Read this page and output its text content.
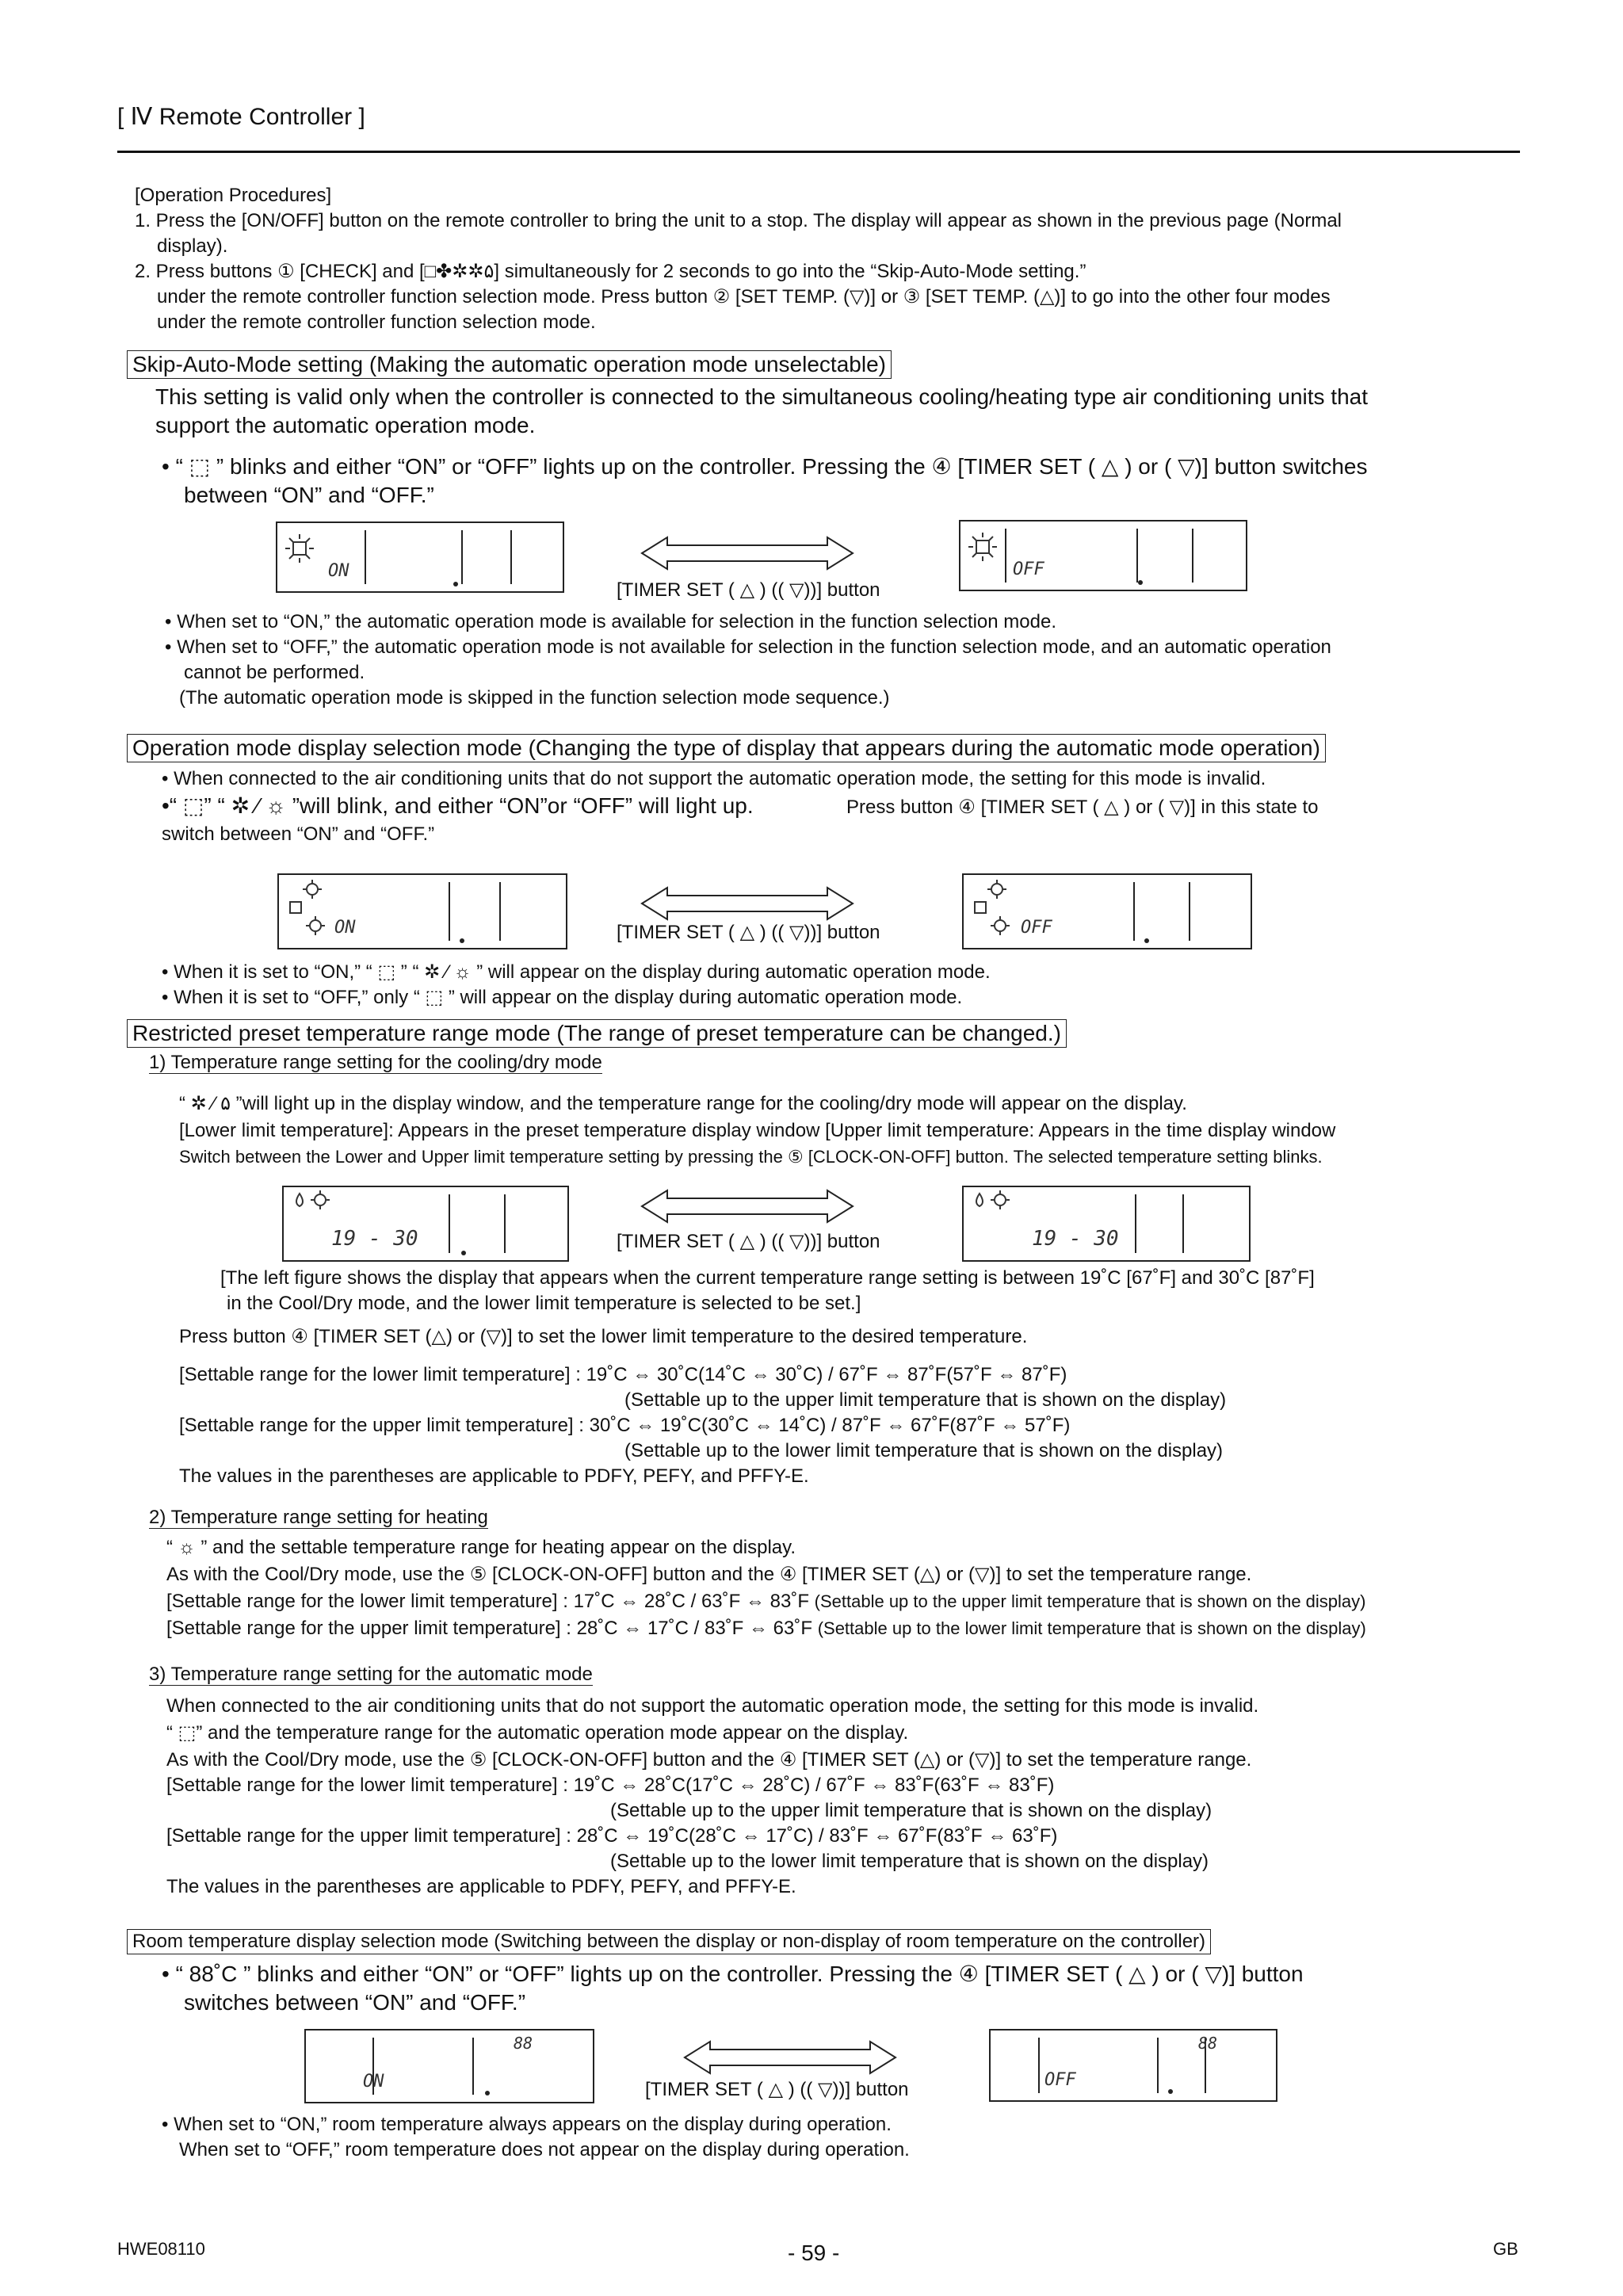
[ Ⅳ Remote Controller ]
[Operation Procedures]
1. Press the [ON/OFF] button on the remote controller to bring the unit to a stop. The display will appear as shown in the previous page (Normal
display).
2. Press buttons ① [CHECK] and [□✤✲✲۵] simultaneously for 2 seconds to go into the “Skip-Auto-Mode setting.”
under the remote controller function selection mode. Press button ② [SET TEMP. (▽)] or ③ [SET TEMP. (△)] to go into the other four modes
under the remote controller function selection mode.
Skip-Auto-Mode setting (Making the automatic operation mode unselectable)
This setting is valid only when the controller is connected to the simultaneous cooling/heating type air conditioning units that
support the automatic operation mode.
• “ ⬚ ” blinks and either “ON” or “OFF” lights up on the controller. Pressing the ④ [TIMER SET ( △ ) or ( ▽)] button switches
between “ON” and “OFF.”
ON
[TIMER SET ( △ ) (( ▽))] button
OFF
• When set to “ON,” the automatic operation mode is available for selection in the function selection mode.
• When set to “OFF,” the automatic operation mode is not available for selection in the function selection mode, and an automatic operation
cannot be performed.
(The automatic operation mode is skipped in the function selection mode sequence.)
Operation mode display selection mode (Changing the type of display that appears during the automatic mode operation)
• When connected to the air conditioning units that do not support the automatic operation mode, the setting for this mode is invalid.
•“ ⬚” “ ✲ ⁄ ☼ ”will blink, and either “ON”or “OFF” will light up.	Press button ④ [TIMER SET ( △ ) or ( ▽)] in this state to
switch between “ON” and “OFF.”
ON	[TIMER SET ( △ ) (( ▽))] button	OFF
• When it is set to “ON,” “ ⬚ ” “ ✲ ⁄ ☼ ” will appear on the display during automatic operation mode.
• When it is set to “OFF,” only “ ⬚ ” will appear on the display during automatic operation mode.
Restricted preset temperature range mode (The range of preset temperature can be changed.)
1) Temperature range setting for the cooling/dry mode
“ ✲ ⁄ ۵ ”will light up in the display window, and the temperature range for the cooling/dry mode will appear on the display.
[Lower limit temperature]: Appears in the preset temperature display window [Upper limit temperature: Appears in the time display window
Switch between the Lower and Upper limit temperature setting by pressing the ⑤ [CLOCK-ON-OFF] button. The selected temperature setting blinks.
19 - 30	[TIMER SET ( △ ) (( ▽))] button	19 - 30
[The left figure shows the display that appears when the current temperature range setting is between 19˚C [67˚F] and 30˚C [87˚F]
in the Cool/Dry mode, and the lower limit temperature is selected to be set.]
Press button ④ [TIMER SET (△) or (▽)] to set the lower limit temperature to the desired temperature.
[Settable range for the lower limit temperature] : 19˚C ⇔ 30˚C(14˚C ⇔ 30˚C) / 67˚F ⇔ 87˚F(57˚F ⇔ 87˚F)
(Settable up to the upper limit temperature that is shown on the display)
[Settable range for the upper limit temperature] : 30˚C ⇔ 19˚C(30˚C ⇔ 14˚C) / 87˚F ⇔ 67˚F(87˚F ⇔ 57˚F)
(Settable up to the lower limit temperature that is shown on the display)
The values in the parentheses are applicable to PDFY, PEFY, and PFFY-E.
2) Temperature range setting for heating
“ ☼ ” and the settable temperature range for heating appear on the display.
As with the Cool/Dry mode, use the ⑤ [CLOCK-ON-OFF] button and the ④ [TIMER SET (△) or (▽)] to set the temperature range.
[Settable range for the lower limit temperature] : 17˚C ⇔ 28˚C / 63˚F ⇔ 83˚F (Settable up to the upper limit temperature that is shown on the display)
[Settable range for the upper limit temperature] : 28˚C ⇔ 17˚C / 83˚F ⇔ 63˚F (Settable up to the lower limit temperature that is shown on the display)
3) Temperature range setting for the automatic mode
When connected to the air conditioning units that do not support the automatic operation mode, the setting for this mode is invalid.
“ ⬚” and the temperature range for the automatic operation mode appear on the display.
As with the Cool/Dry mode, use the ⑤ [CLOCK-ON-OFF] button and the ④ [TIMER SET (△) or (▽)] to set the temperature range.
[Settable range for the lower limit temperature] : 19˚C ⇔ 28˚C(17˚C ⇔ 28˚C) / 67˚F ⇔ 83˚F(63˚F ⇔ 83˚F)
(Settable up to the upper limit temperature that is shown on the display)
[Settable range for the upper limit temperature] : 28˚C ⇔ 19˚C(28˚C ⇔ 17˚C) / 83˚F ⇔ 67˚F(83˚F ⇔ 63˚F)
(Settable up to the lower limit temperature that is shown on the display)
The values in the parentheses are applicable to PDFY, PEFY, and PFFY-E.
Room temperature display selection mode (Switching between the display or non-display of room temperature on the controller)
• “ 88˚C ” blinks and either “ON” or “OFF” lights up on the controller. Pressing the ④ [TIMER SET ( △ ) or ( ▽)] button
switches between “ON” and “OFF.”
88
ON	[TIMER SET ( △ ) (( ▽))] button
88
OFF
• When set to “ON,” room temperature always appears on the display during operation.
When set to “OFF,” room temperature does not appear on the display during operation.
HWE08110	- 59 -	GB
